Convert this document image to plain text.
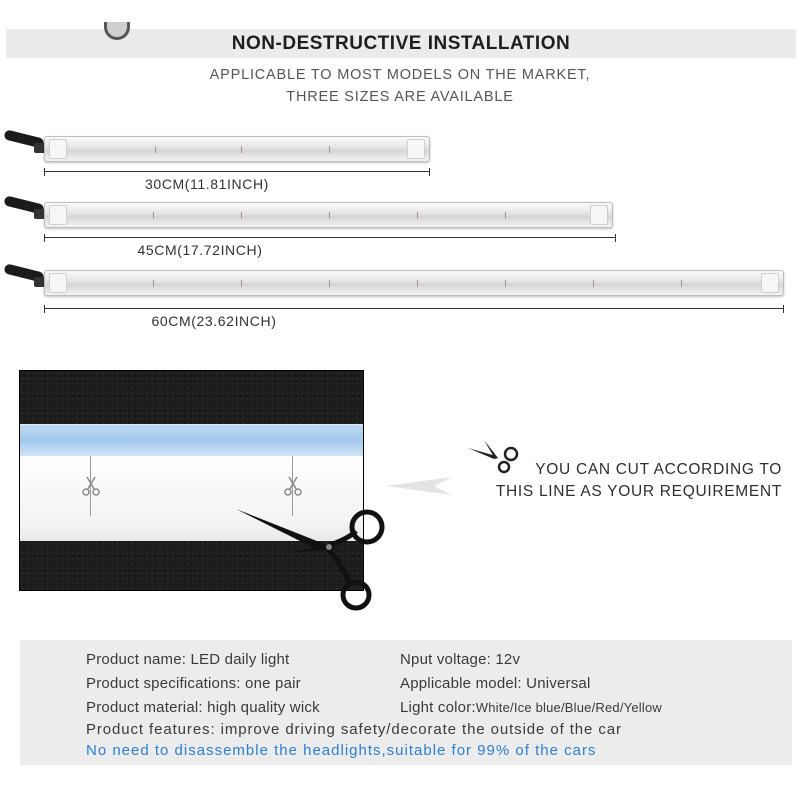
NON-DESTRUCTIVE INSTALLATION
APPLICABLE TO MOST MODELS ON THE MARKET,
THREE SIZES ARE AVAILABLE
30CM(11.81INCH)
45CM(17.72INCH)
60CM(23.62INCH)
YOU CAN CUT ACCORDING TO
THIS LINE AS YOUR REQUIREMENT
Product name: LED daily light	Nput voltage: 12v
Product specifications: one pair	Applicable model: Universal
Product material: high quality wick	Light color:White/Ice blue/Blue/Red/Yellow
Product features: improve driving safety/decorate the outside of the car
No need to disassemble the headlights,suitable for 99% of the cars
